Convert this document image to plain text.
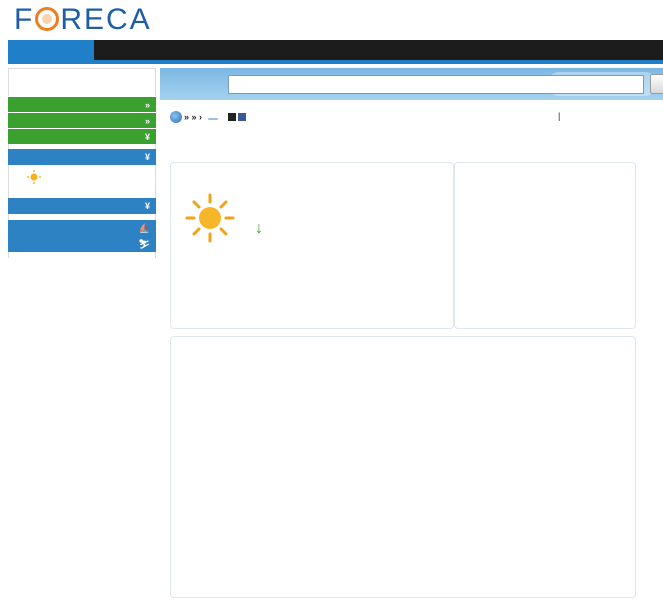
F RECA
»
»
¥
¥
¥
⛵
⛷
» » ›	|
↓
